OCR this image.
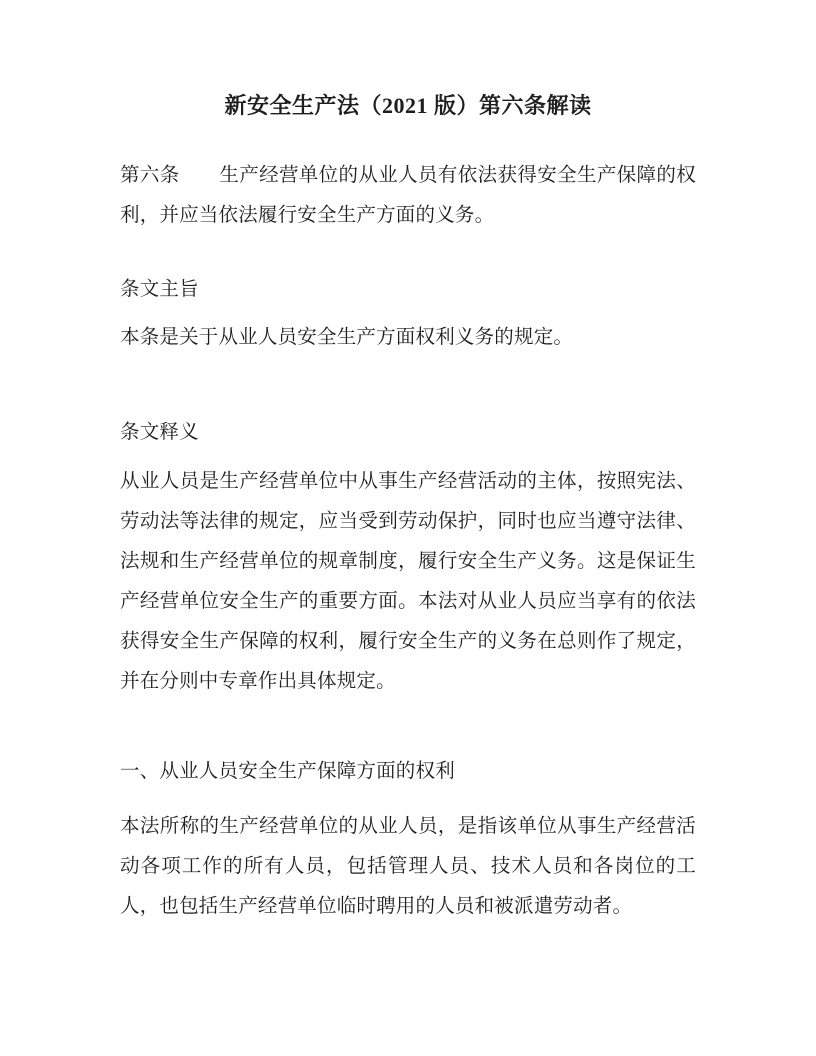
新安全生产法（2021 版）第六条解读
第六条　　生产经营单位的从业人员有依法获得安全生产保障的权利，并应当依法履行安全生产方面的义务。
条文主旨
本条是关于从业人员安全生产方面权利义务的规定。
条文释义
从业人员是生产经营单位中从事生产经营活动的主体，按照宪法、劳动法等法律的规定，应当受到劳动保护，同时也应当遵守法律、法规和生产经营单位的规章制度，履行安全生产义务。这是保证生产经营单位安全生产的重要方面。本法对从业人员应当享有的依法获得安全生产保障的权利，履行安全生产的义务在总则作了规定，并在分则中专章作出具体规定。
一、从业人员安全生产保障方面的权利
本法所称的生产经营单位的从业人员，是指该单位从事生产经营活动各项工作的所有人员，包括管理人员、技术人员和各岗位的工人，也包括生产经营单位临时聘用的人员和被派遣劳动者。
